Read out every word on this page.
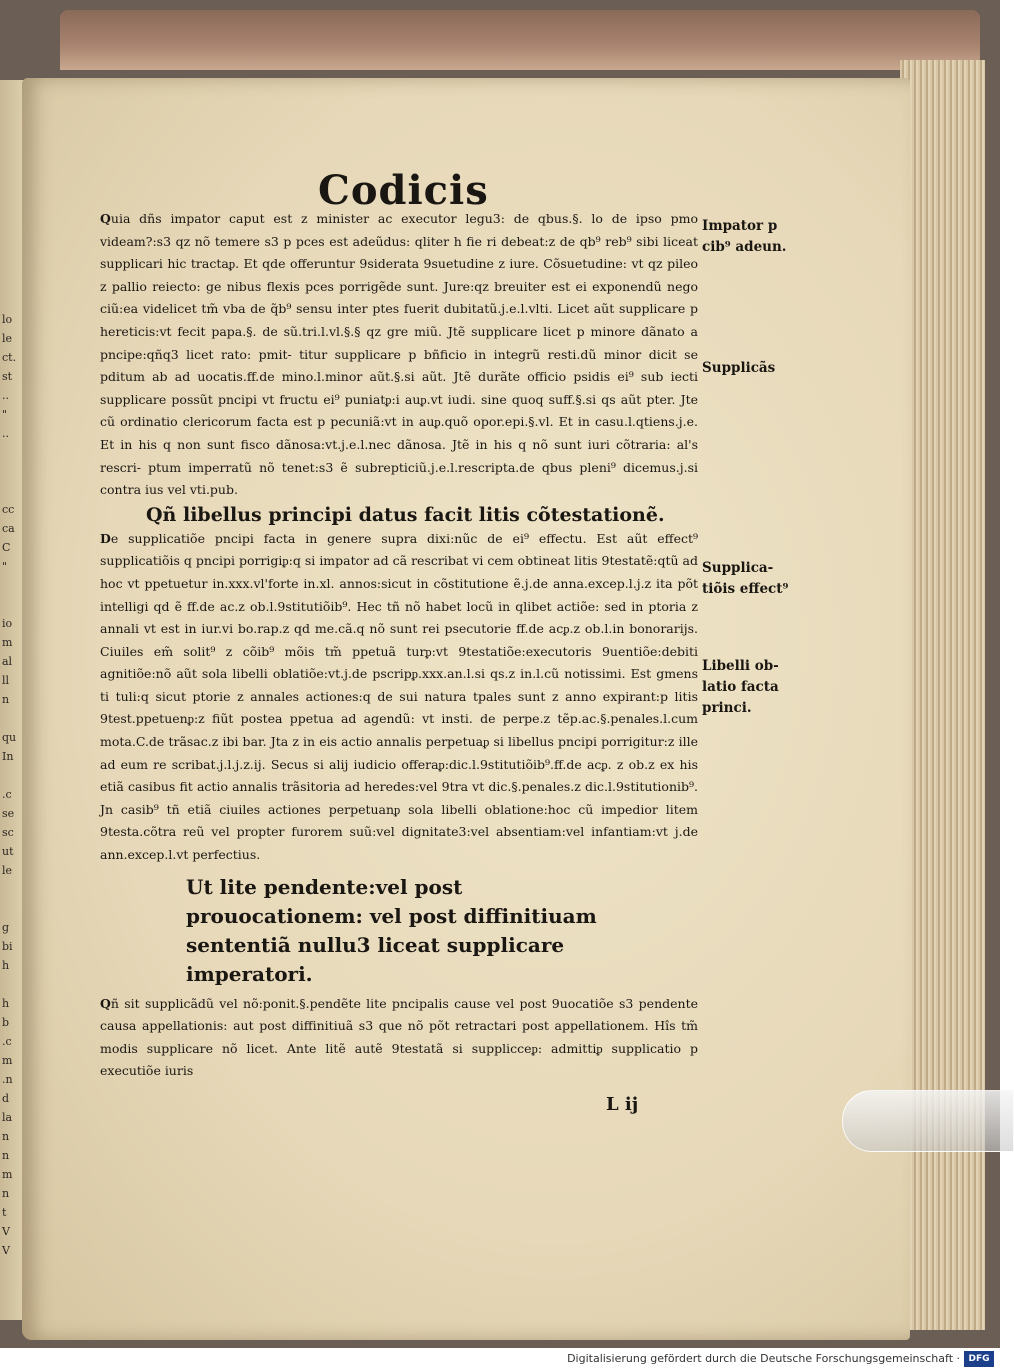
lo
le
ct.
st
..
"
..

cc
ca
C
"

io
m
al
ll
n

qu
In

.c
se
sc
ut
le

g
bi
h

h
b
.c
m
.n
d
la
n
n
m
n
t
V
V
Codicis

Quia dñs impator caput est z minister ac executor legu3: de qbus.§. lo de ipso pmo videam?:s3 qz nõ temere s3 p pces est adeũdus: qliter h fie ri debeat:z de qb⁹ reb⁹ sibi liceat supplicari hic tractaᵱ. Et qde offeruntur 9siderata 9suetudine z iure. Cõsuetudine: vt qz pileo z pallio reiecto: ge nibus flexis pces porrigẽde sunt. Jure:qz breuiter est ei exponendũ nego ciũ:ea videlicet tm̃ vba de q̃b⁹ sensu inter ptes fuerit dubitatũ.j.e.l.vlti. Licet aũt supplicare p hereticis:vt fecit papa.§. de sũ.tri.l.vl.§.§ qz gre miũ. Jtẽ supplicare licet p minore dãnato a pncipe:qñq3 licet rato: pmit- titur supplicare p bñficio in integrũ resti.dũ minor dicit se pditum ab ad uocatis.ff.de mino.l.minor aũt.§.si aũt. Jtẽ durãte officio psidis ei⁹ sub iecti supplicare possũt pncipi vt fructu ei⁹ puniatᵱ:i auᵱ.vt iudi. sine quoq suff.§.si qs aũt pter. Jte cũ ordinatio clericorum facta est p pecuniã:vt in auᵱ.quõ opor.epi.§.vl. Et in casu.l.qtiens.j.e. Et in his q non sunt fisco dãnosa:vt.j.e.l.nec dãnosa. Jtẽ in his q nõ sunt iuri cõtraria: al's rescri- ptum imperratũ nõ tenet:s3 ẽ subrepticiũ.j.e.l.rescripta.de qbus pleni⁹ dicemus.j.si contra ius vel vti.pub.

Qñ libellus principi datus facit litis cõtestationẽ.

De supplicatiõe pncipi facta in genere supra dixi:nũc de ei⁹ effectu. Est aũt effect⁹ supplicatiõis q pncipi porrigiᵱ:q si impator ad cã rescribat vi cem obtineat litis 9testatẽ:qtũ ad hoc vt ppetuetur in.xxx.vl'forte in.xl. annos:sicut in cõstitutione ẽ.j.de anna.excep.l.j.z ita põt intelligi qd ẽ ff.de ac.z ob.l.9stitutiõib⁹. Hec tñ nõ habet locũ in qlibet actiõe: sed in ptoria z annali vt est in iur.vi bo.rap.z qd me.cã.q nõ sunt rei psecutorie ff.de acᵱ.z ob.l.in bonorarijs. Ciuiles em̃ solit⁹ z cõib⁹ mõis tm̃ ppetuã turᵱ:vt 9testatiõe:executoris 9uentiõe:debiti agnitiõe:nõ aũt sola libelli oblatiõe:vt.j.de pscripᵱ.xxx.an.l.si qs.z in.l.cũ notissimi. Est gmens ti tuli:q sicut ptorie z annales actiones:q de sui natura tpales sunt z anno expirant:p litis 9test.ppetuenᵱ:z fiũt postea ppetua ad agendũ: vt insti. de perpe.z tẽp.ac.§.penales.l.cum mota.C.de trãsac.z ibi bar. Jta z in eis actio annalis perpetuaᵱ si libellus pncipi porrigitur:z ille ad eum re scribat.j.l.j.z.ij. Secus si alij iudicio offeraᵱ:dic.l.9stitutiõib⁹.ff.de acᵱ. z ob.z ex his etiã casibus fit actio annalis trãsitoria ad heredes:vel 9tra vt dic.§.penales.z dic.l.9stitutionib⁹. Jn casib⁹ tñ etiã ciuiles actiones perpetuanᵱ sola libelli oblatione:hoc cũ impedior litem 9testa.cõtra reũ vel propter furorem suũ:vel dignitate3:vel absentiam:vel infantiam:vt j.de ann.excep.l.vt perfectius.

Ut lite pendente:vel post prouocationem: vel post diffinitiuam sententiã nullu3 liceat supplicare imperatori.

Qñ sit supplicãdũ vel nõ:ponit.§.pendẽte lite pncipalis cause vel post 9uocatiõe s3 pendente causa appellationis: aut post diffinitiuã s3 que nõ põt retractari post appellationem. Hîs tm̃ modis supplicare nõ licet. Ante litẽ autẽ 9testatã si supplicceᵱ: admittiᵱ supplicatio p executiõe iuris

Impator p cib⁹ adeun.
Supplicãs
Supplica- tiõis effect⁹
Libelli ob- latio facta princi.
L ij
Digitalisierung gefördert durch die Deutsche Forschungsgemeinschaft · DFG
